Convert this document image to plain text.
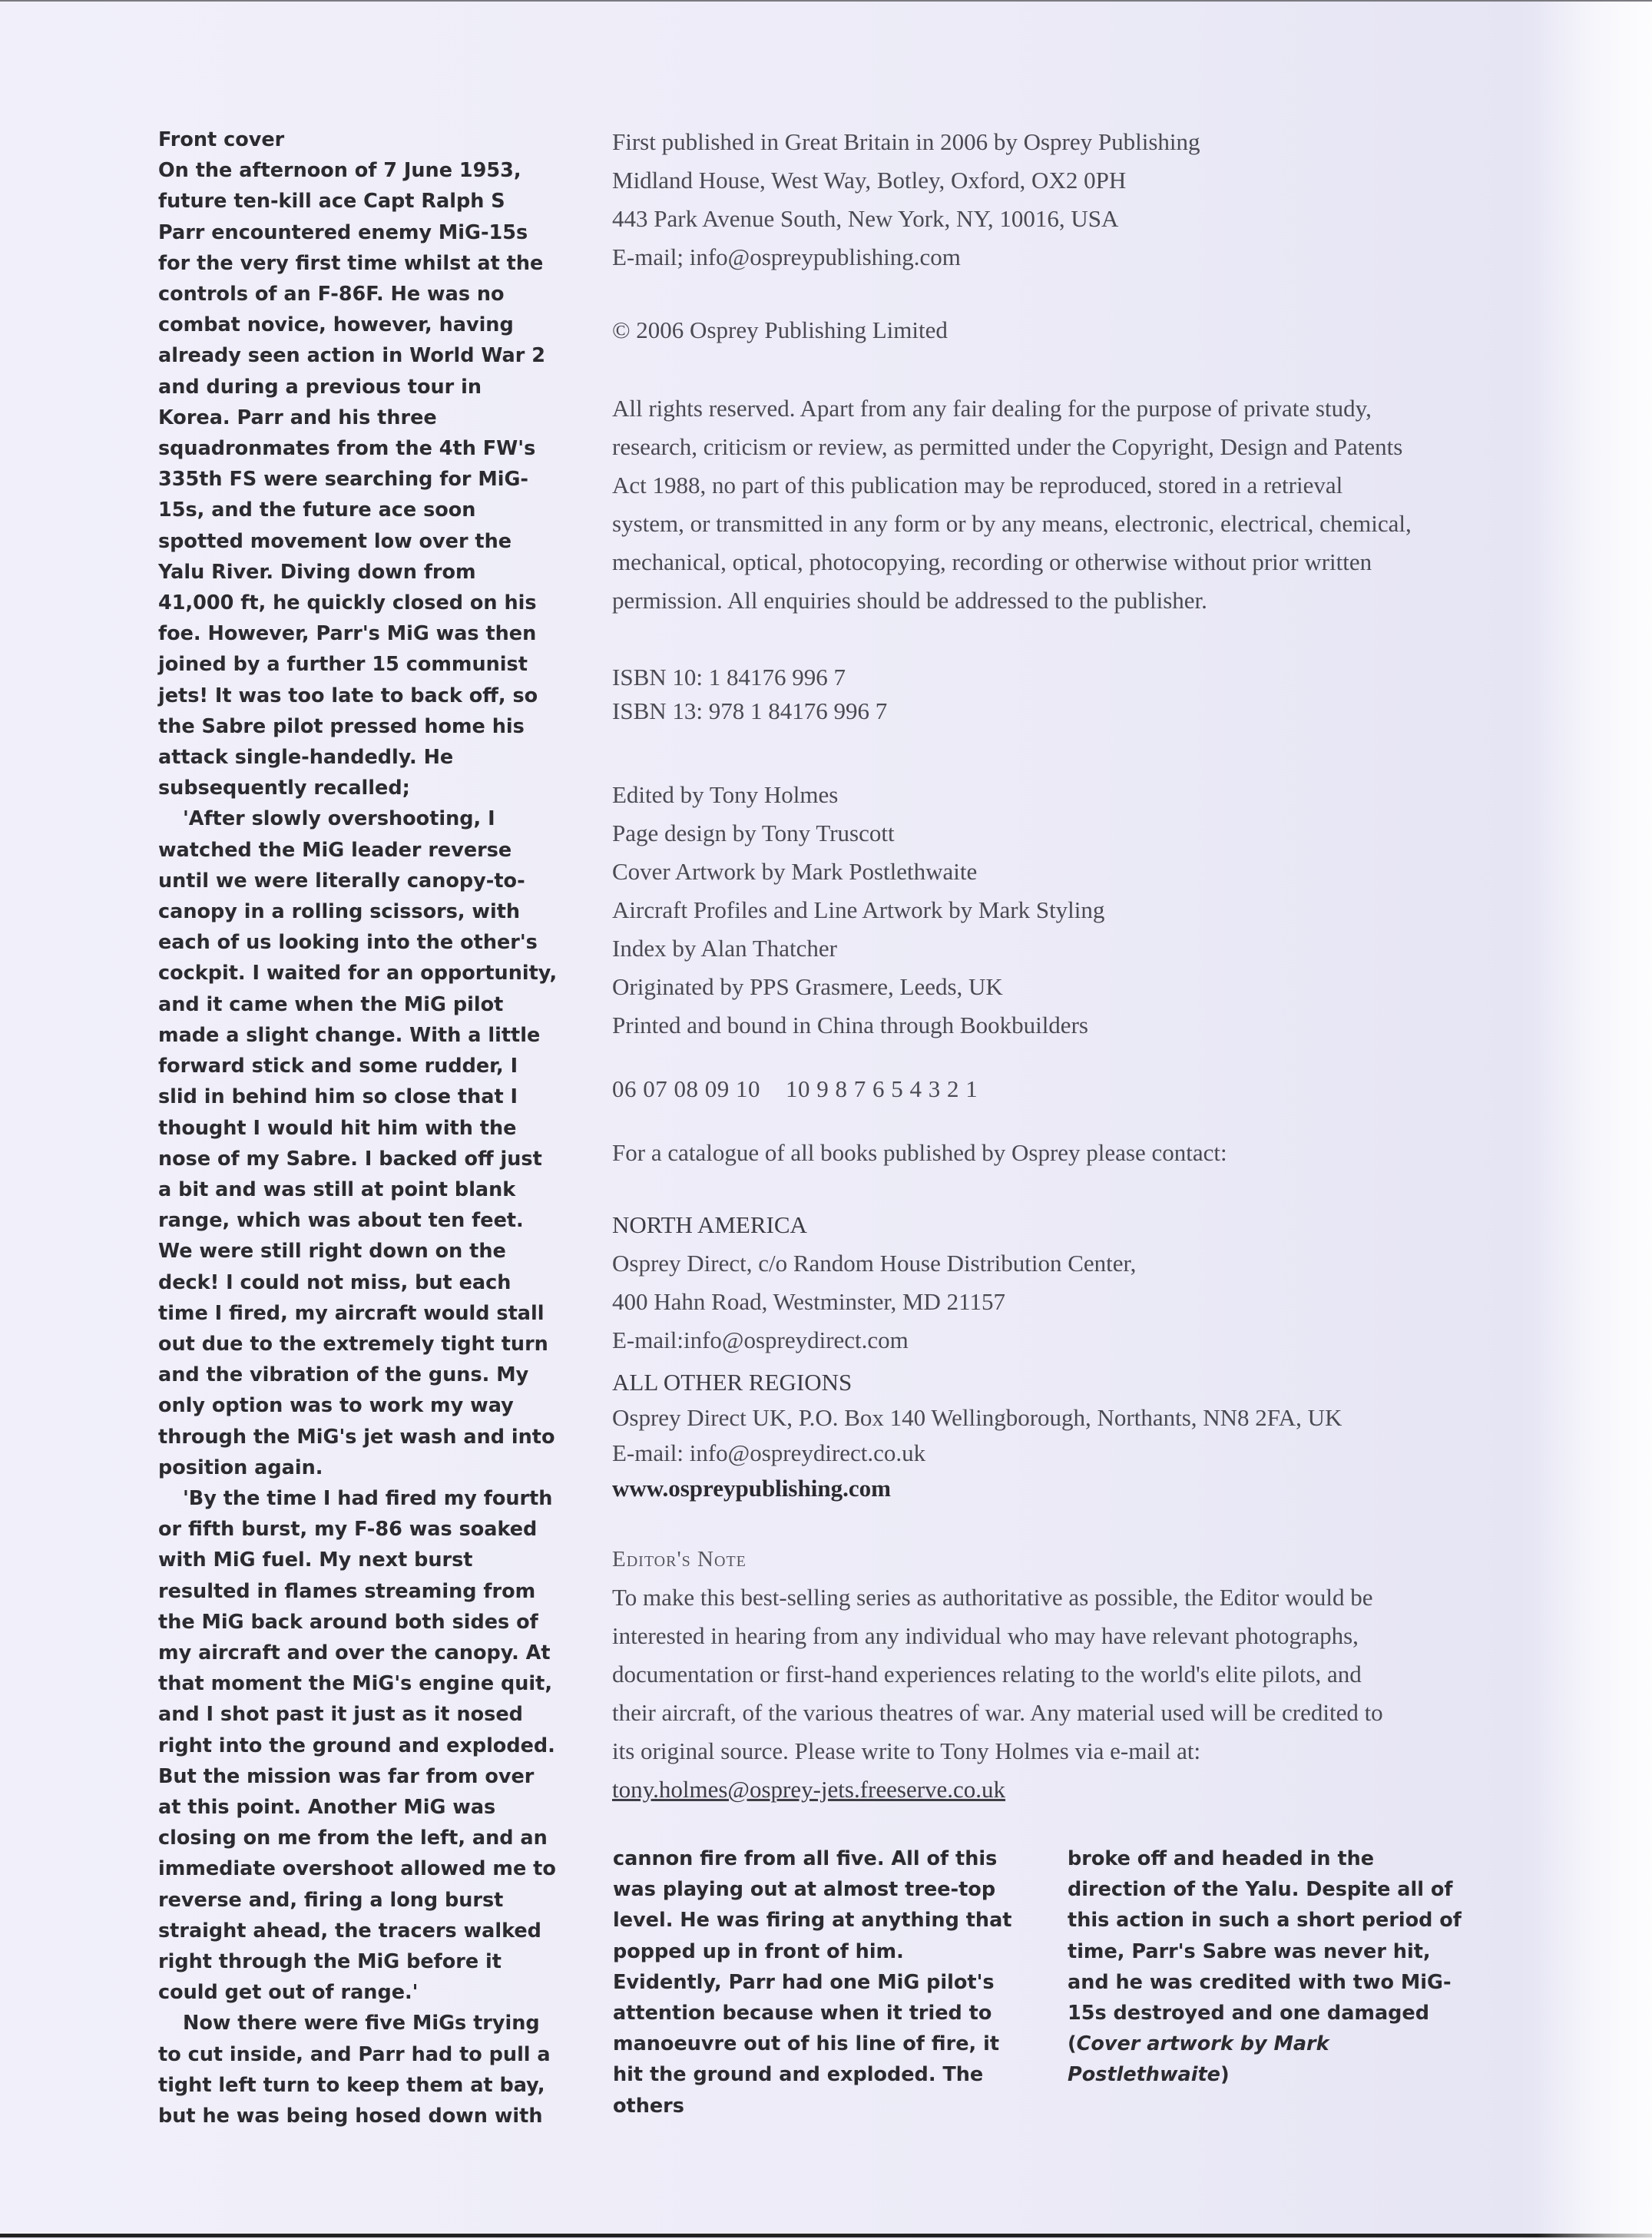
Front cover

On the afternoon of 7 June 1953, future ten-kill ace Capt Ralph S Parr encountered enemy MiG-15s for the very first time whilst at the controls of an F-86F. He was no combat novice, however, having already seen action in World War 2 and during a previous tour in Korea. Parr and his three squadronmates from the 4th FW's 335th FS were searching for MiG-15s, and the future ace soon spotted movement low over the Yalu River. Diving down from 41,000 ft, he quickly closed on his foe. However, Parr's MiG was then joined by a further 15 communist jets! It was too late to back off, so the Sabre pilot pressed home his attack single-handedly. He subsequently recalled;

'After slowly overshooting, I watched the MiG leader reverse until we were literally canopy-to-canopy in a rolling scissors, with each of us looking into the other's cockpit. I waited for an opportunity, and it came when the MiG pilot made a slight change. With a little forward stick and some rudder, I slid in behind him so close that I thought I would hit him with the nose of my Sabre. I backed off just a bit and was still at point blank range, which was about ten feet. We were still right down on the deck! I could not miss, but each time I fired, my aircraft would stall out due to the extremely tight turn and the vibration of the guns. My only option was to work my way through the MiG's jet wash and into position again.

'By the time I had fired my fourth or fifth burst, my F-86 was soaked with MiG fuel. My next burst resulted in flames streaming from the MiG back around both sides of my aircraft and over the canopy. At that moment the MiG's engine quit, and I shot past it just as it nosed right into the ground and exploded. But the mission was far from over at this point. Another MiG was closing on me from the left, and an immediate overshoot allowed me to reverse and, firing a long burst straight ahead, the tracers walked right through the MiG before it could get out of range.'

Now there were five MiGs trying to cut inside, and Parr had to pull a tight left turn to keep them at bay, but he was being hosed down with

cannon fire from all five. All of this was playing out at almost tree-top level. He was firing at anything that popped up in front of him. Evidently, Parr had one MiG pilot's attention because when it tried to manoeuvre out of his line of fire, it hit the ground and exploded. The others

broke off and headed in the direction of the Yalu. Despite all of this action in such a short period of time, Parr's Sabre was never hit, and he was credited with two MiG-15s destroyed and one damaged (Cover artwork by Mark Postlethwaite)

First published in Great Britain in 2006 by Osprey Publishing
Midland House, West Way, Botley, Oxford, OX2 0PH
443 Park Avenue South, New York, NY, 10016, USA
E-mail; info@ospreypublishing.com
© 2006 Osprey Publishing Limited
All rights reserved. Apart from any fair dealing for the purpose of private study,
research, criticism or review, as permitted under the Copyright, Design and Patents
Act 1988, no part of this publication may be reproduced, stored in a retrieval
system, or transmitted in any form or by any means, electronic, electrical, chemical,
mechanical, optical, photocopying, recording or otherwise without prior written
permission. All enquiries should be addressed to the publisher.
ISBN 10: 1 84176 996 7
ISBN 13: 978 1 84176 996 7
Edited by Tony Holmes
Page design by Tony Truscott
Cover Artwork by Mark Postlethwaite
Aircraft Profiles and Line Artwork by Mark Styling
Index by Alan Thatcher
Originated by PPS Grasmere, Leeds, UK
Printed and bound in China through Bookbuilders
06 07 08 09 10    10 9 8 7 6 5 4 3 2 1
For a catalogue of all books published by Osprey please contact:
NORTH AMERICA
Osprey Direct, c/o Random House Distribution Center,
400 Hahn Road, Westminster, MD 21157
E-mail:info@ospreydirect.com
ALL OTHER REGIONS
Osprey Direct UK, P.O. Box 140 Wellingborough, Northants, NN8 2FA, UK
E-mail: info@ospreydirect.co.uk
www.ospreypublishing.com
Editor's Note
To make this best-selling series as authoritative as possible, the Editor would be
interested in hearing from any individual who may have relevant photographs,
documentation or first-hand experiences relating to the world's elite pilots, and
their aircraft, of the various theatres of war. Any material used will be credited to
its original source. Please write to Tony Holmes via e-mail at:
tony.holmes@osprey-jets.freeserve.co.uk
